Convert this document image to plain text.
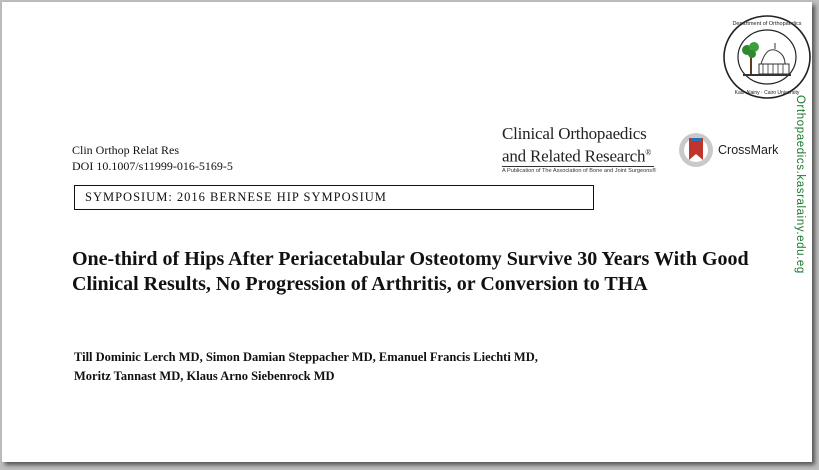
Department of Orthopaedics
Kasr Alainy · Cairo University
Orthopaedics.kasralainy.edu.eg
Clin Orthop Relat Res
DOI 10.1007/s11999-016-5169-5
Clinical Orthopaedics
and Related Research®
A Publication of The Association of Bone and Joint Surgeons®
CrossMark
SYMPOSIUM: 2016 BERNESE HIP SYMPOSIUM
One-third of Hips After Periacetabular Osteotomy Survive 30 Years With Good Clinical Results, No Progression of Arthritis, or Conversion to THA
Till Dominic Lerch MD, Simon Damian Steppacher MD, Emanuel Francis Liechti MD,
Moritz Tannast MD, Klaus Arno Siebenrock MD
